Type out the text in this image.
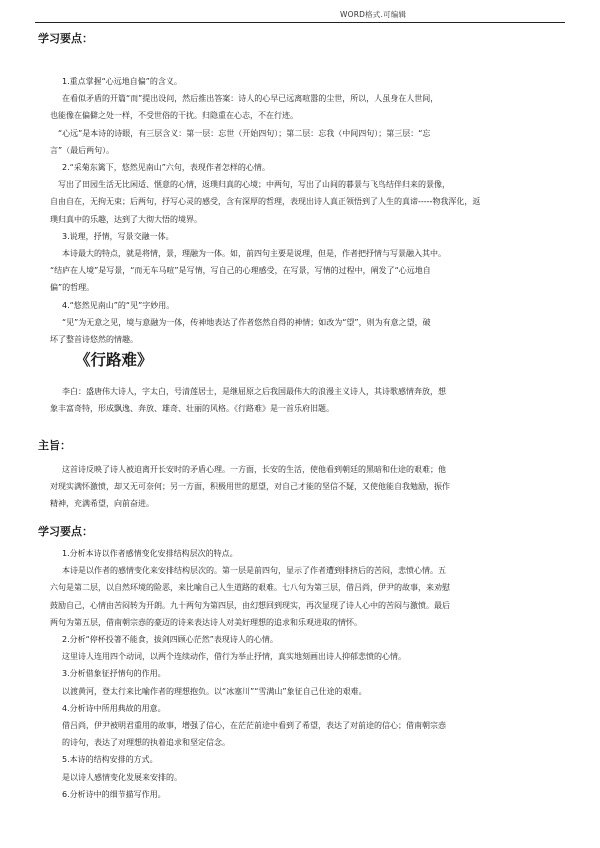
WORD格式.可编辑
学习要点：
1.重点掌握“心远地自偏”的含义。
在看似矛盾的开篇“而”提出设问，然后推出答案：诗人的心早已远离喧嚣的尘世，所以，人虽身在人世间，
也能像在偏僻之处一样，不受世俗的干扰。归隐重在心志，不在行迹。
“心远”是本诗的诗眼，有三层含义：第一层：忘世（开始四句）；第二层：忘我（中间四句）；第三层：“忘
言”（最后两句）。
2.“采菊东篱下，悠然见南山”六句，表现作者怎样的心情。
写出了田园生活无比闲适、惬意的心情，返璞归真的心境；中两句，写出了山间的暮景与飞鸟结伴归来的景像，
自由自在，无拘无束；后两句，抒写心灵的感受，含有深厚的哲理，表现出诗人真正领悟到了人生的真谛-----物我浑化，返
璞归真中的乐趣，达到了大彻大悟的境界。
3.说理，抒情，写景交融一体。
本诗最大的特点，就是将情，景，理融为一体。如，前四句主要是说理，但是，作者把抒情与写景融入其中。
“结庐在人境”是写景，“而无车马喧”是写情，写自己的心理感受，在写景，写情的过程中，阐发了“心远地自
偏”的哲理。
4.“悠然见南山”的“见”字妙用。
“见”为无意之见，境与意融为一体，传神地表达了作者悠然自得的神情；如改为“望”，则为有意之望，破
坏了整首诗悠然的情趣。
《行路难》
李白：盛唐伟大诗人，字太白，号清莲居士，是继屈原之后我国最伟大的浪漫主义诗人，其诗歌感情奔放，想
象丰富奇特，形成飘逸、奔放、雄奇、壮丽的风格。《行路难》是一首乐府旧题。
主旨：
这首诗反映了诗人被迫离开长安时的矛盾心理。一方面，长安的生活，使他看到朝廷的黑暗和仕途的艰难；他
对现实满怀激愤，却又无可奈何；另一方面，积极用世的愿望，对自己才能的坚信不疑，又使他能自我勉励，振作
精神，充满希望，向前奋进。
学习要点：
1.分析本诗以作者感情变化安排结构层次的特点。
本诗是以作者的感情变化来安排结构层次的。第一层是前四句，显示了作者遭到排挤后的苦闷，悲愤心情。五
六句是第二层，以自然环境的险恶，来比喻自己人生道路的艰难。七八句为第三层，借吕尚，伊尹的故事，来劝慰
鼓励自己，心情由苦闷转为开朗。九十两句为第四层，由幻想回到现实，再次显现了诗人心中的苦闷与激愤。最后
两句为第五层，借南朝宗悫的豪迈的诗来表达诗人对美好理想的追求和乐观进取的情怀。
2.分析“停杯投箸不能食，拔剑四顾心茫然”表现诗人的心情。
这里诗人连用四个动词，以两个连续动作，借行为举止抒情，真实地刻画出诗人抑郁悲愤的心情。
3.分析借象征抒情句的作用。
以渡黄河，登太行来比喻作者的理想抱负。以“冰塞川”“雪满山”象征自己仕途的艰难。
4.分析诗中所用典故的用意。
借吕尚，伊尹被明君重用的故事，增强了信心，在茫茫前途中看到了希望，表达了对前途的信心；借南朝宗悫
的诗句，表达了对理想的执着追求和坚定信念。
5.本诗的结构安排的方式。
是以诗人感情变化发展来安排的。
6.分析诗中的细节描写作用。
